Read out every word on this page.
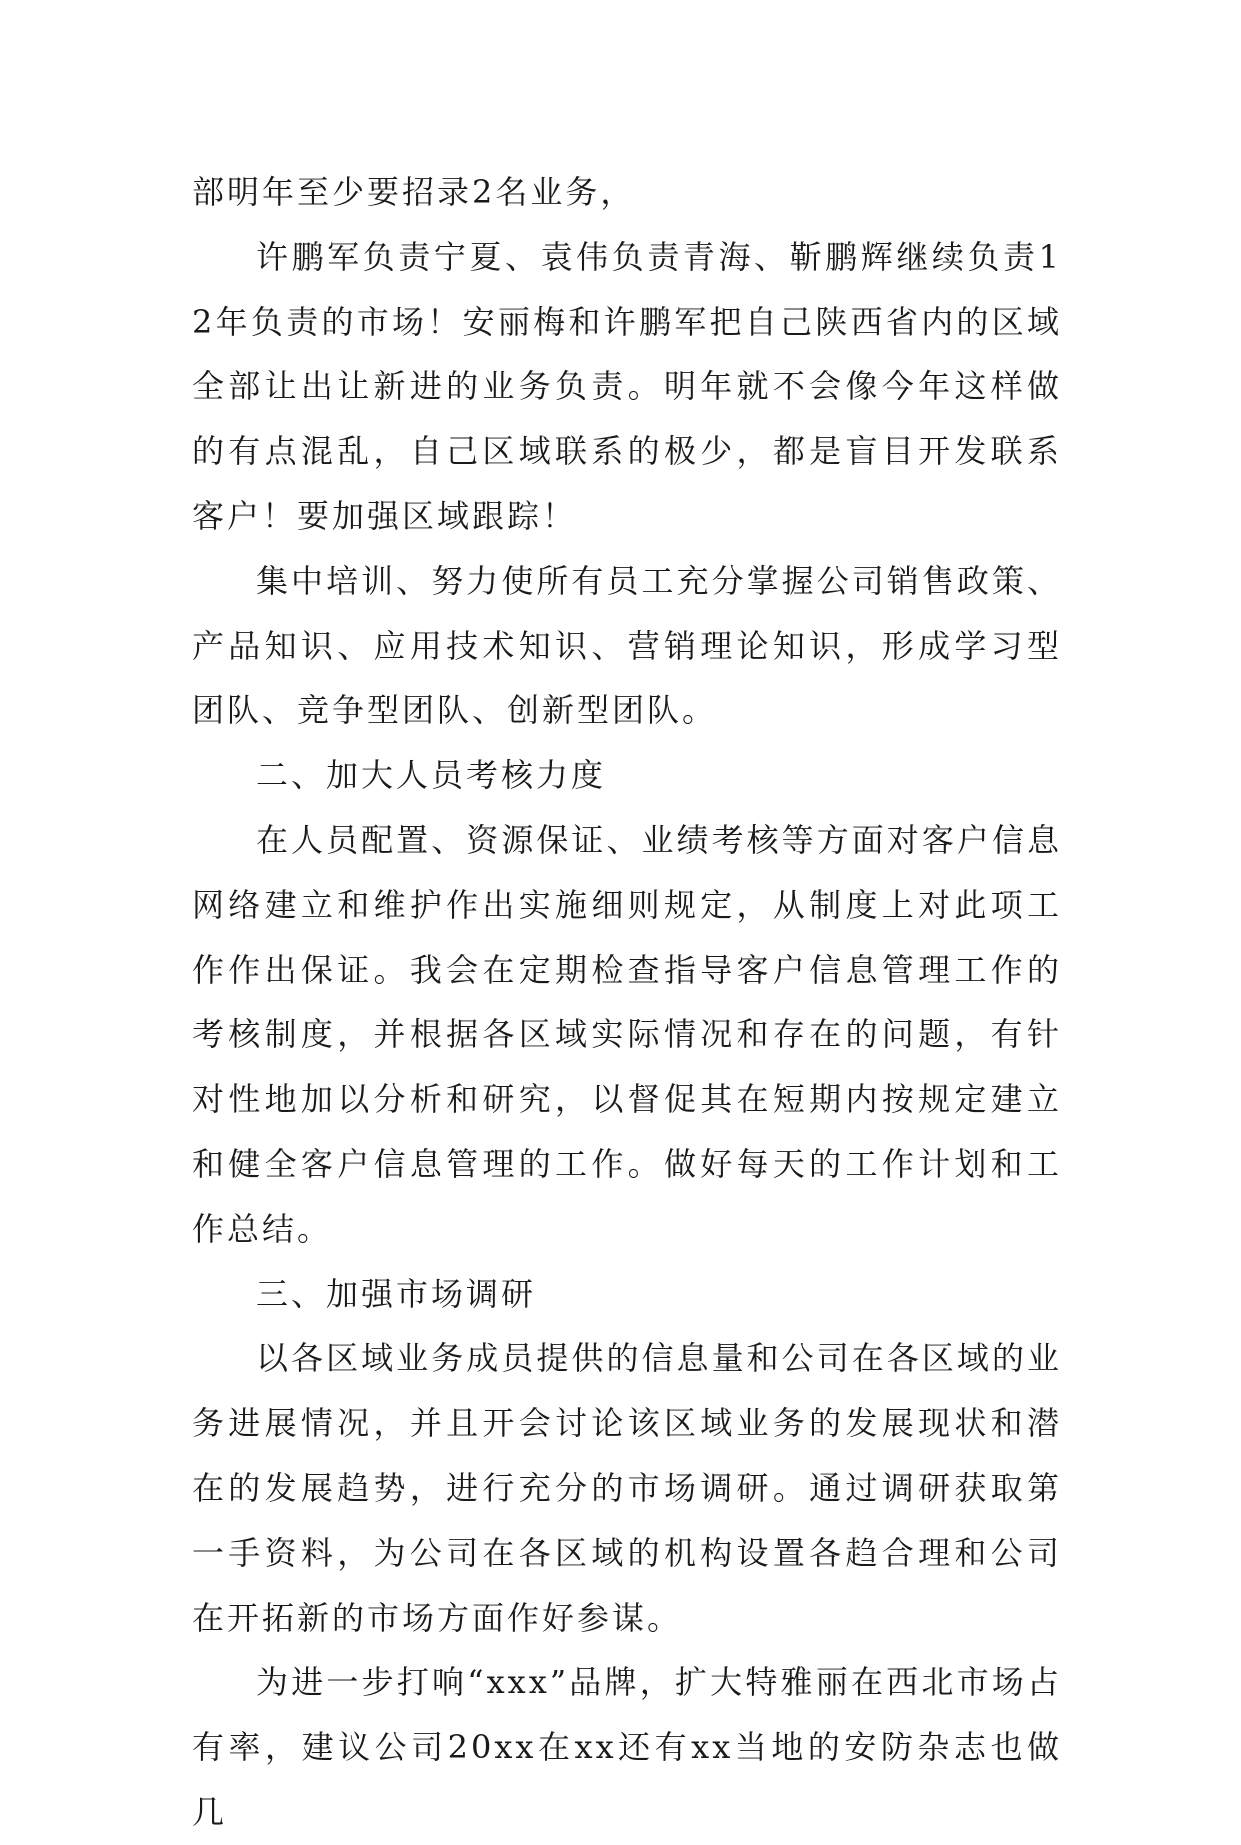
部明年至少要招录2名业务，

许鹏军负责宁夏、袁伟负责青海、靳鹏辉继续负责12年负责的市场！安丽梅和许鹏军把自己陕西省内的区域全部让出让新进的业务负责。明年就不会像今年这样做的有点混乱，自己区域联系的极少，都是盲目开发联系客户！要加强区域跟踪！

集中培训、努力使所有员工充分掌握公司销售政策、产品知识、应用技术知识、营销理论知识，形成学习型团队、竞争型团队、创新型团队。

二、加大人员考核力度

在人员配置、资源保证、业绩考核等方面对客户信息网络建立和维护作出实施细则规定，从制度上对此项工作作出保证。我会在定期检查指导客户信息管理工作的考核制度，并根据各区域实际情况和存在的问题，有针对性地加以分析和研究，以督促其在短期内按规定建立和健全客户信息管理的工作。做好每天的工作计划和工作总结。

三、加强市场调研

以各区域业务成员提供的信息量和公司在各区域的业务进展情况，并且开会讨论该区域业务的发展现状和潜在的发展趋势，进行充分的市场调研。通过调研获取第一手资料，为公司在各区域的机构设置各趋合理和公司在开拓新的市场方面作好参谋。

为进一步打响“xxx”品牌，扩大特雅丽在西北市场占有率，建议公司20xx在xx还有xx当地的安防杂志也做几
